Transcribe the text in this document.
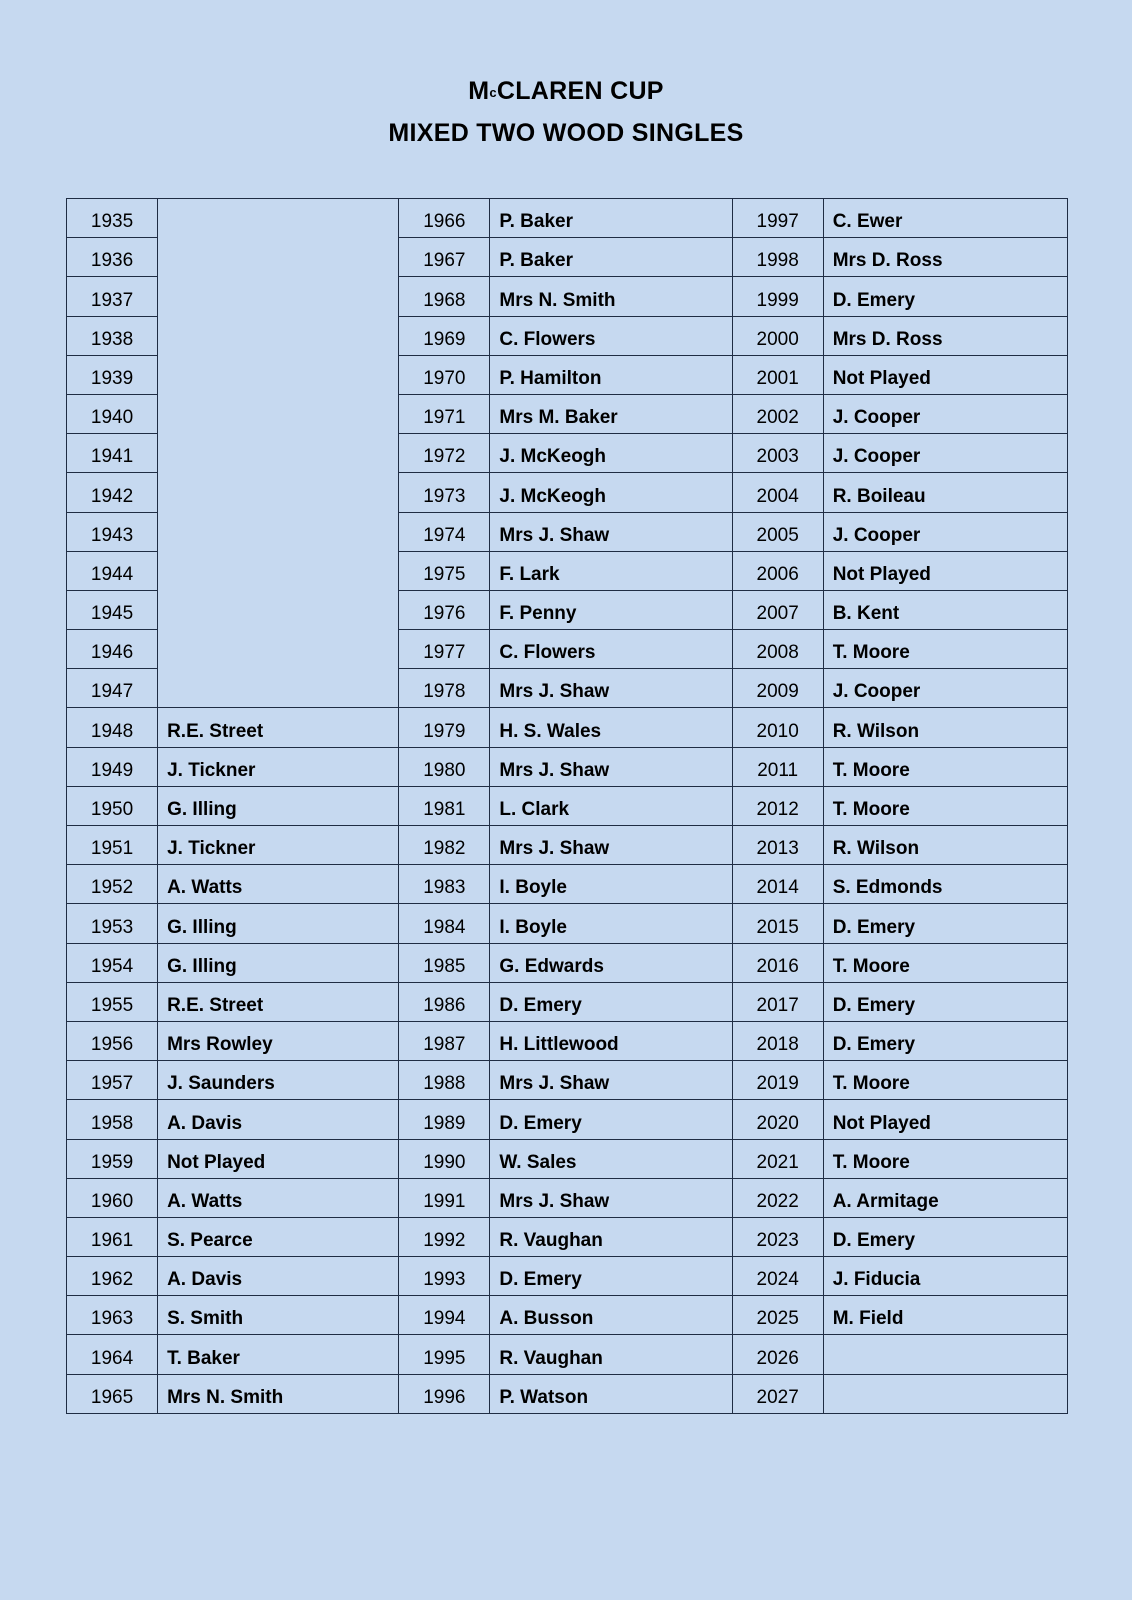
$M^cCLAREN$ CUP
MIXED TWO WOOD SINGLES
1935		1966	P. Baker	1997	C. Ewer
1936		1967	P. Baker	1998	Mrs D. Ross
1937		1968	Mrs N. Smith	1999	D. Emery
1938		1969	C. Flowers	2000	Mrs D. Ross
1939		1970	P. Hamilton	2001	Not Played
1940		1971	Mrs M. Baker	2002	J. Cooper
1941		1972	J. McKeogh	2003	J. Cooper
1942		1973	J. McKeogh	2004	R. Boileau
1943		1974	Mrs J. Shaw	2005	J. Cooper
1944		1975	F. Lark	2006	Not Played
1945		1976	F. Penny	2007	B. Kent
1946		1977	C. Flowers	2008	T. Moore
1947		1978	Mrs J. Shaw	2009	J. Cooper
1948	R.E. Street	1979	H. S. Wales	2010	R. Wilson
1949	J. Tickner	1980	Mrs J. Shaw	2011	T. Moore
1950	G. Illing	1981	L. Clark	2012	T. Moore
1951	J. Tickner	1982	Mrs J. Shaw	2013	R. Wilson
1952	A. Watts	1983	I. Boyle	2014	S. Edmonds
1953	G. Illing	1984	I. Boyle	2015	D. Emery
1954	G. Illing	1985	G. Edwards	2016	T. Moore
1955	R.E. Street	1986	D. Emery	2017	D. Emery
1956	Mrs Rowley	1987	H. Littlewood	2018	D. Emery
1957	J. Saunders	1988	Mrs J. Shaw	2019	T. Moore
1958	A. Davis	1989	D. Emery	2020	Not Played
1959	Not Played	1990	W. Sales	2021	T. Moore
1960	A. Watts	1991	Mrs J. Shaw	2022	A. Armitage
1961	S. Pearce	1992	R. Vaughan	2023	D. Emery
1962	A. Davis	1993	D. Emery	2024	J. Fiducia
1963	S. Smith	1994	A. Busson	2025	M. Field
1964	T. Baker	1995	R. Vaughan	2026	
1965	Mrs N. Smith	1996	P. Watson	2027	
